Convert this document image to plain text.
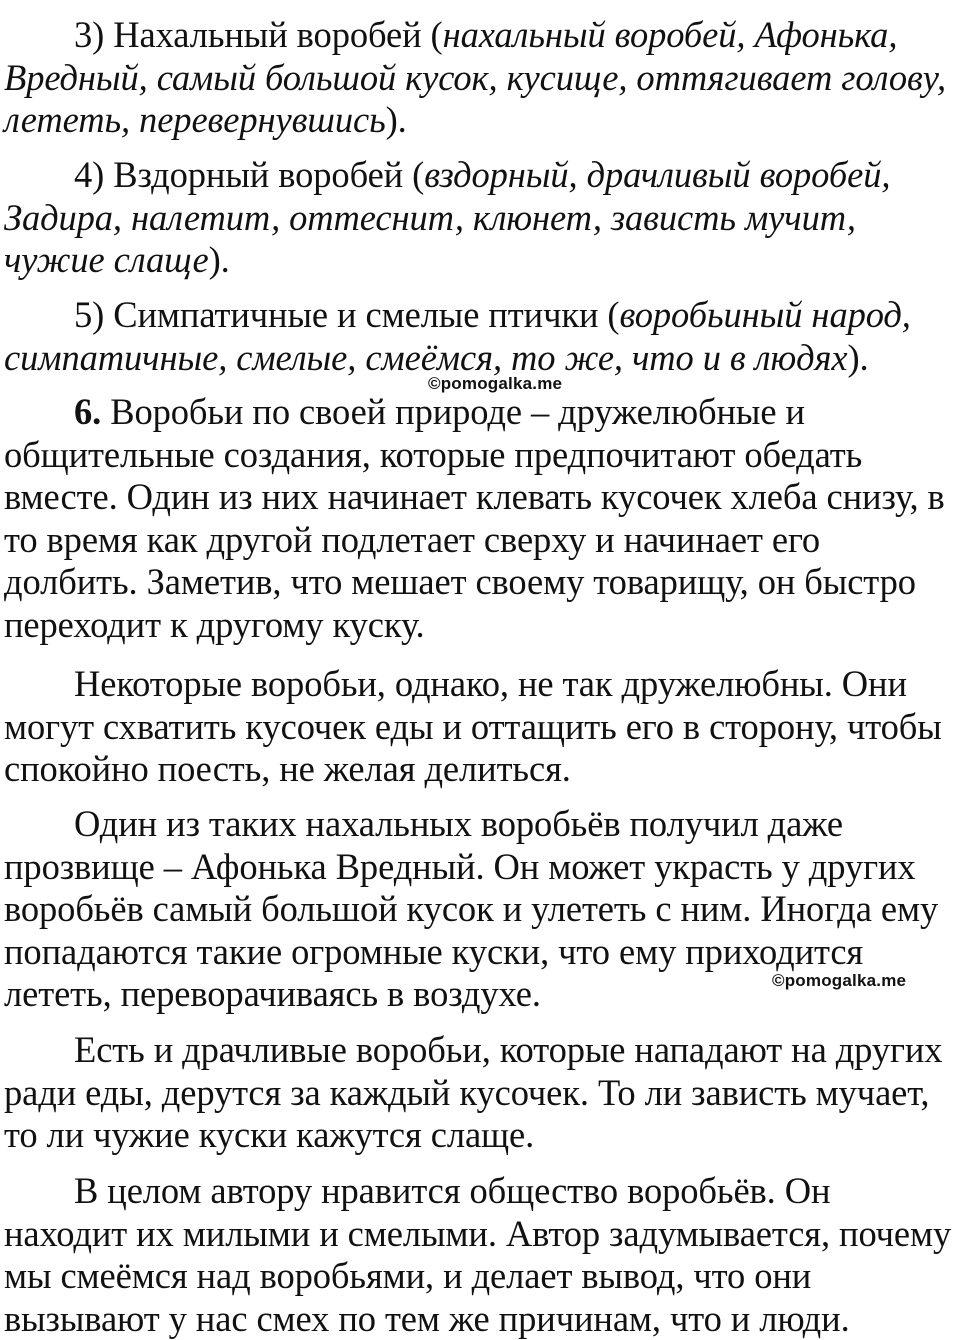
3) Нахальный воробей (нахальный воробей, Афонька, Вредный, самый большой кусок, кусище, оттягивает голову, лететь, перевернувшись).

4) Вздорный воробей (вздорный, драчливый воробей, Задира, налетит, оттеснит, клюнет, зависть мучит, чужие слаще).

5) Симпатичные и смелые птички (воробьиный народ, симпатичные, смелые, смеёмся, то же, что и в людях).

©pomogalka.me

6. Воробьи по своей природе – дружелюбные и общительные создания, которые предпочитают обедать вместе. Один из них начинает клевать кусочек хлеба снизу, в то время как другой подлетает сверху и начинает его долбить. Заметив, что мешает своему товарищу, он быстро переходит к другому куску.

Некоторые воробьи, однако, не так дружелюбны. Они могут схватить кусочек еды и оттащить его в сторону, чтобы спокойно поесть, не желая делиться.

Один из таких нахальных воробьёв получил даже прозвище – Афонька Вредный. Он может украсть у других воробьёв самый большой кусок и улететь с ним. Иногда ему попадаются такие огромные куски, что ему приходится лететь, переворачиваясь в воздухе.	©pomogalka.me

Есть и драчливые воробьи, которые нападают на других ради еды, дерутся за каждый кусочек. То ли зависть мучает, то ли чужие куски кажутся слаще.

В целом автору нравится общество воробьёв. Он находит их милыми и смелыми. Автор задумывается, почему мы смеёмся над воробьями, и делает вывод, что они вызывают у нас смех по тем же причинам, что и люди.
